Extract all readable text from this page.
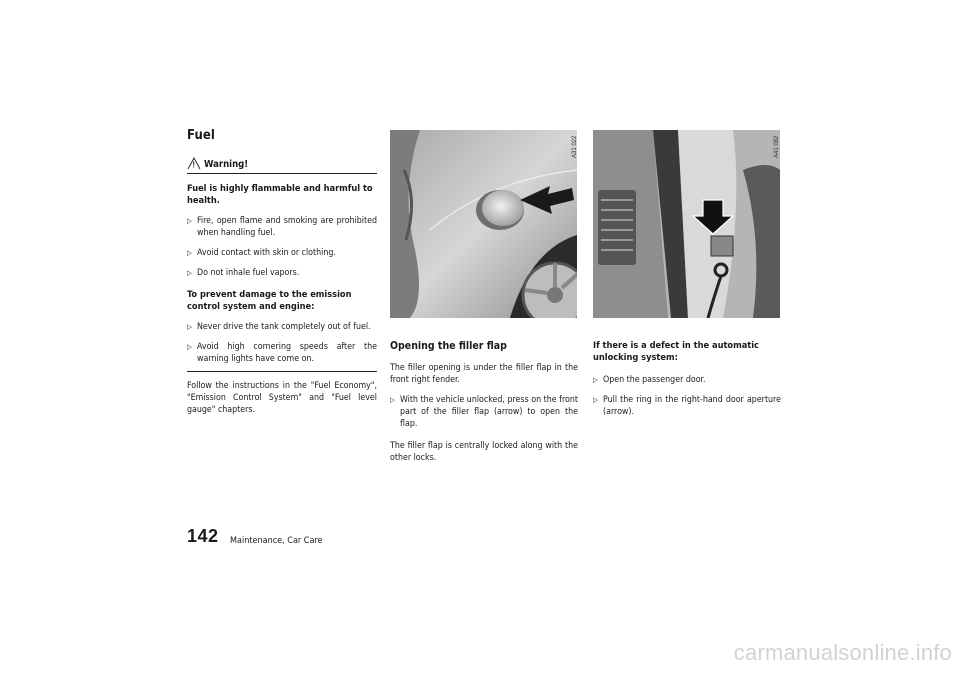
Fuel
! Warning!
Fuel is highly flammable and harmful to health.
▷ Fire, open flame and smoking are prohibited when handling fuel.
▷ Avoid contact with skin or clothing.
▷ Do not inhale fuel vapors.
To prevent damage to the emission control system and engine:
▷ Never drive the tank completely out of fuel.
▷ Avoid high cornering speeds after the warning lights have come on.

Follow the instructions in the "Fuel Economy", "Emission Control System" and "Fuel level gauge" chapters.

A31 022	A41 082
Opening the filler flap

The filler opening is under the filler flap in the front right fender.

▷ With the vehicle unlocked, press on the front part of the filler flap (arrow) to open the flap.

The filler flap is centrally locked along with the other locks.

If there is a defect in the automatic unlocking system:
▷ Open the passenger door.
▷ Pull the ring in the right-hand door aperture (arrow).
142 Maintenance, Car Care
carmanualsonline.info
